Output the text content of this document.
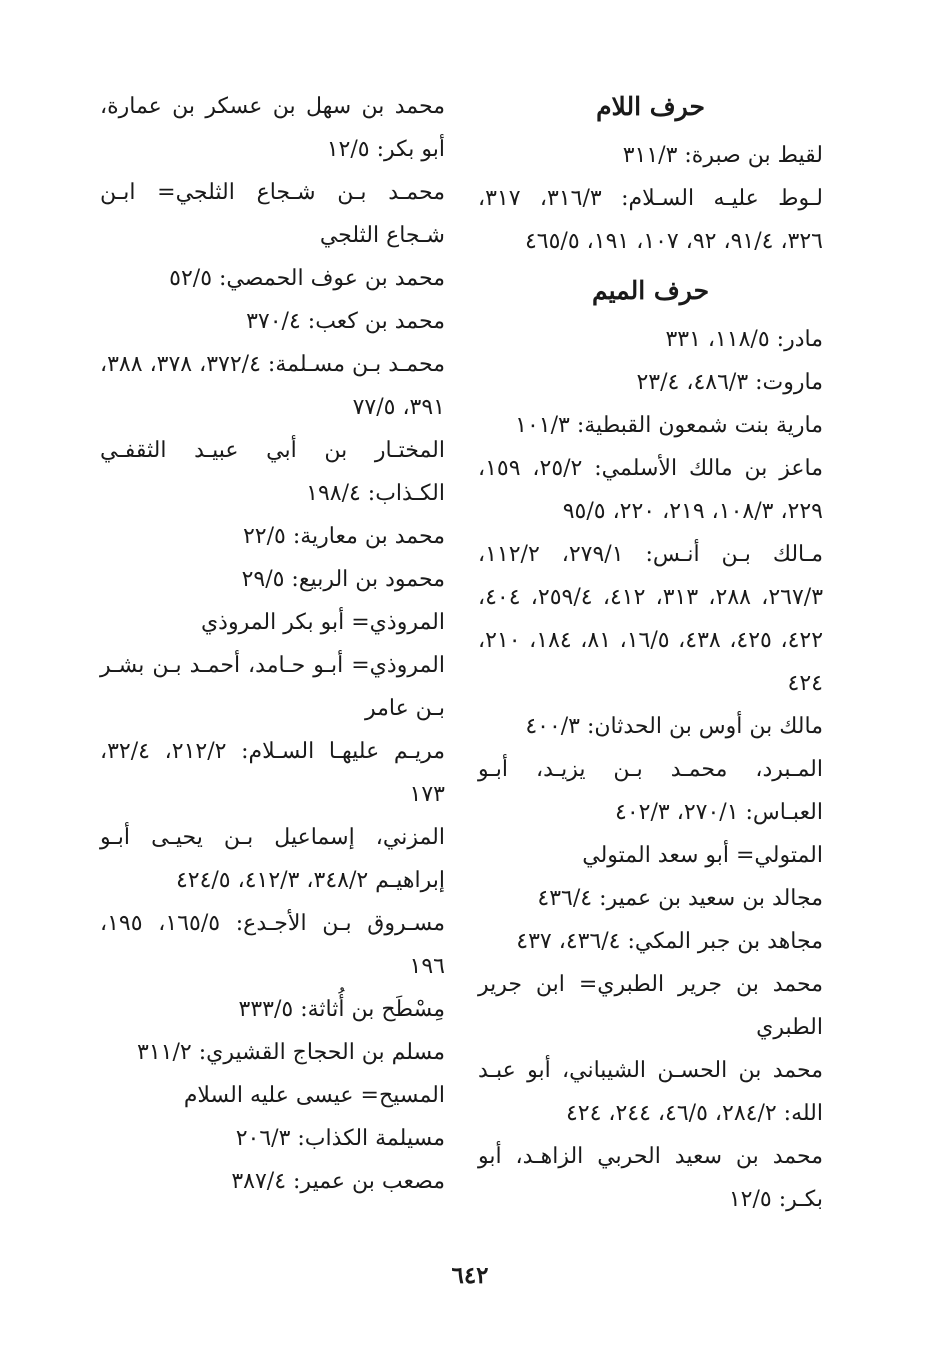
حرف اللام

لقيط بن صبرة: ٣١١/٣

لـوط عليـه السـلام: ٣١٦/٣، ٣١٧، ٣٢٦، ٩١/٤، ٩٢، ١٠٧، ١٩١، ٤٦٥/٥

حرف الميم

مادر: ١١٨/٥، ٣٣١

ماروت: ٤٨٦/٣، ٢٣/٤

مارية بنت شمعون القبطية: ١٠١/٣

ماعز بن مالك الأسلمي: ٢٥/٢، ١٥٩، ٢٢٩، ١٠٨/٣، ٢١٩، ٢٢٠، ٩٥/٥

مـالك بـن أنـس: ٢٧٩/١، ١١٢/٢، ٢٦٧/٣، ٢٨٨، ٣١٣، ٤١٢، ٢٥٩/٤، ٤٠٤، ٤٢٢، ٤٢٥، ٤٣٨، ١٦/٥، ٨١، ١٨٤، ٢١٠، ٤٢٤

مالك بن أوس بن الحدثان: ٤٠٠/٣

المـبرد، محمـد بـن يزيـد، أبـو العبـاس: ٢٧٠/١، ٤٠٢/٣

المتولي= أبو سعد المتولي

مجالد بن سعيد بن عمير: ٤٣٦/٤

مجاهد بن جبر المكي: ٤٣٦/٤، ٤٣٧

محمد بن جرير الطبري= ابن جرير الطبري

محمد بن الحسـن الشيباني، أبو عبـد الله: ٢٨٤/٢، ٤٦/٥، ٢٤٤، ٤٢٤

محمد بن سعيد الحربي الزاهـد، أبو بكـر: ١٢/٥

محمد بن سهل بن عسكر بن عمارة، أبو بكر: ١٢/٥

محمـد بـن شـجاع الثلجي= ابـن شـجاع الثلجي

محمد بن عوف الحمصي: ٥٢/٥

محمد بن كعب: ٣٧٠/٤

محمـد بـن مسـلمة: ٣٧٢/٤، ٣٧٨، ٣٨٨، ٣٩١، ٧٧/٥

المختـار بن أبي عبيـد الثقفـي الكـذاب: ١٩٨/٤

محمد بن معارية: ٢٢/٥

محمود بن الربيع: ٢٩/٥

المروذي= أبو بكر المروذي

المروذي= أبـو حـامد، أحمـد بـن بشـر بـن عامر

مريـم عليهـا السـلام: ٢١٢/٢، ٣٢/٤، ١٧٣

المزني، إسماعيل بـن يحيـى أبـو إبراهيـم ٣٤٨/٢، ٤١٢/٣، ٤٢٤/٥

مسـروق بـن الأجـدع: ١٦٥/٥، ١٩٥، ١٩٦

مِسْطَح بن أُثاثة: ٣٣٣/٥

مسلم بن الحجاج القشيري: ٣١١/٢

المسيح= عيسى عليه السلام

مسيلمة الكذاب: ٢٠٦/٣

مصعب بن عمير: ٣٨٧/٤

٦٤٢
